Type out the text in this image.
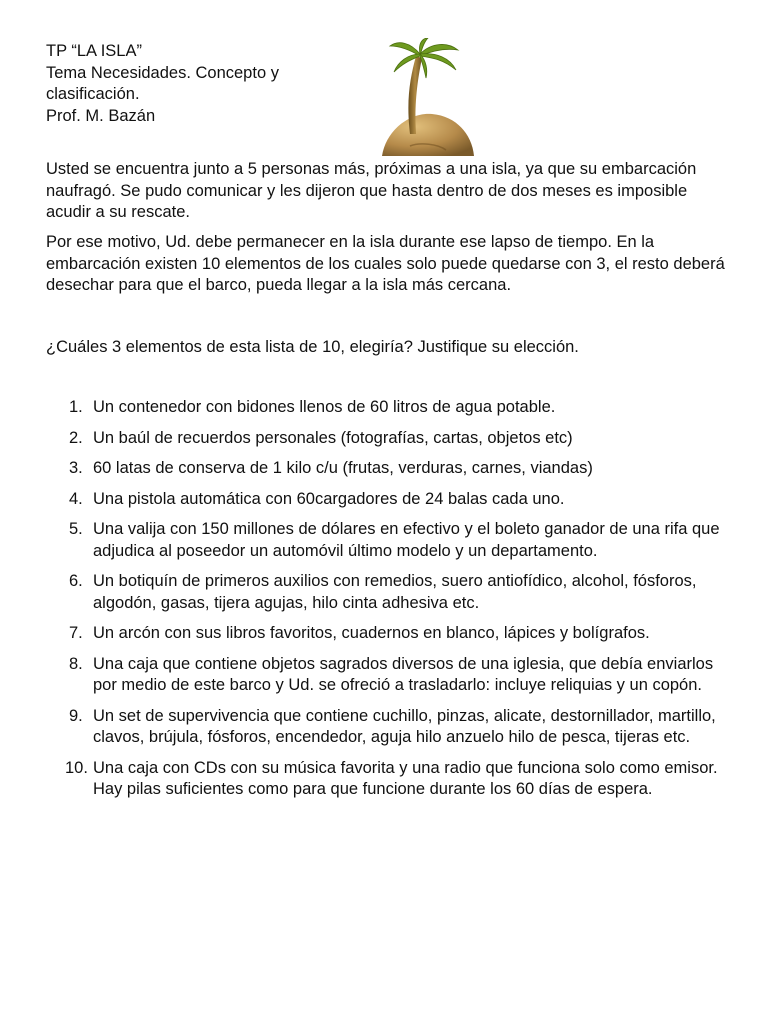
TP “LA ISLA”
Tema Necesidades. Concepto y
clasificación.
Prof. M. Bazán

Usted se encuentra junto a 5 personas más, próximas a una isla, ya que su embarcación naufragó. Se pudo comunicar y les dijeron que hasta dentro de dos meses es imposible acudir a su rescate.

Por ese motivo, Ud. debe permanecer en la isla durante ese lapso de tiempo. En la embarcación existen 10 elementos de los cuales solo puede quedarse con 3, el resto deberá desechar para que el barco, pueda llegar a la isla más cercana.

¿Cuáles 3 elementos de esta lista de 10, elegiría? Justifique su elección.

1. Un contenedor con bidones llenos de 60 litros de agua potable.
2. Un baúl de recuerdos personales (fotografías, cartas, objetos etc)
3. 60 latas de conserva de 1 kilo c/u (frutas, verduras, carnes, viandas)
4. Una pistola automática con 60cargadores de 24 balas cada uno.
5. Una valija con 150 millones de dólares en efectivo y el boleto ganador de una rifa que adjudica al poseedor un automóvil último modelo y un departamento.
6. Un botiquín de primeros auxilios con remedios, suero antiofídico, alcohol, fósforos, algodón, gasas, tijera agujas, hilo cinta adhesiva etc.
7. Un arcón con sus libros favoritos, cuadernos en blanco, lápices y bolígrafos.
8. Una caja que contiene objetos sagrados diversos de una iglesia, que debía enviarlos por medio de este barco y Ud. se ofreció a trasladarlo: incluye reliquias y un copón.
9. Un set de supervivencia que contiene cuchillo, pinzas, alicate, destornillador, martillo, clavos, brújula, fósforos, encendedor, aguja hilo anzuelo hilo de pesca, tijeras etc.
10. Una caja con CDs con su música favorita y una radio que funciona solo como emisor. Hay pilas suficientes como para que funcione durante los 60 días de espera.
